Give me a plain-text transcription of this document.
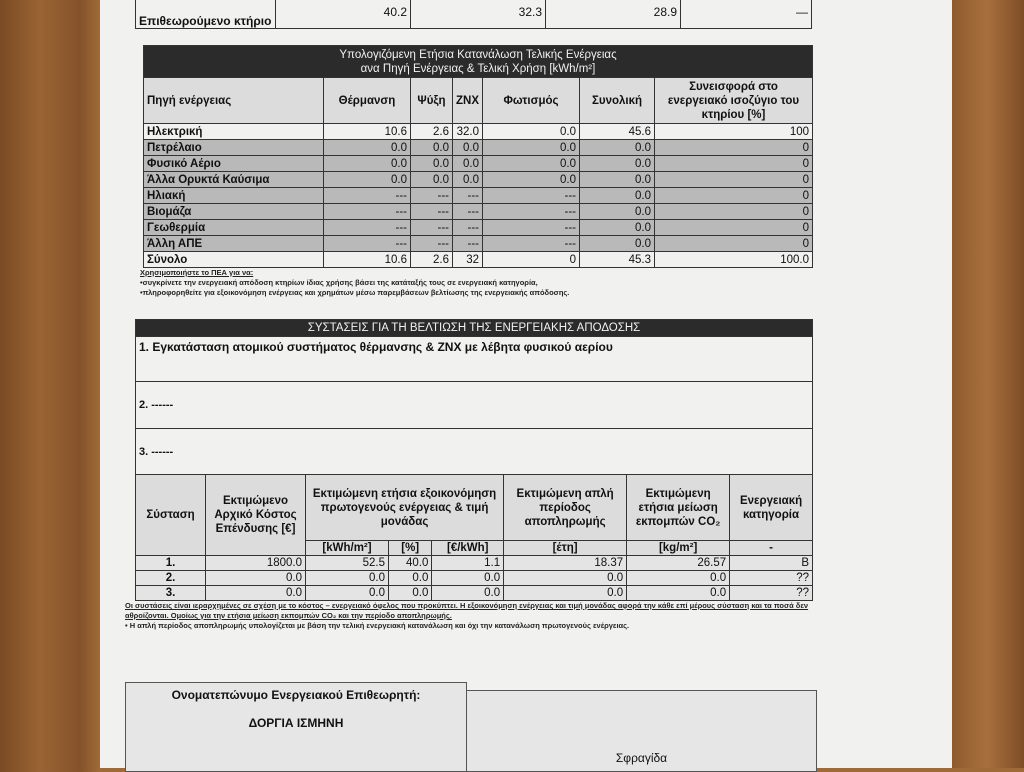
Επιθεωρούμενο κτήριο	40.2	32.3	28.9	—
Υπολογιζόμενη Ετήσια Κατανάλωση Τελικής Ενέργειας
ανα Πηγή Ενέργειας & Τελική Χρήση [kWh/m²]						

Πηγή ενέργειας	Θέρμανση	Ψύξη	ΖΝΧ	Φωτισμός	Συνολική	Συνεισφορά στο ενεργειακό ισοζύγιο του κτηρίου [%]
Ηλεκτρική	10.6	2.6	32.0	0.0	45.6	100
Πετρέλαιο	0.0	0.0	0.0	0.0	0.0	0
Φυσικό Αέριο	0.0	0.0	0.0	0.0	0.0	0
Άλλα Ορυκτά Καύσιμα	0.0	0.0	0.0	0.0	0.0	0
Ηλιακή	---	---	---	---	0.0	0
Βιομάζα	---	---	---	---	0.0	0
Γεωθερμία	---	---	---	---	0.0	0
Άλλη ΑΠΕ	---	---	---	---	0.0	0
Σύνολο	10.6	2.6	32	0	45.3	100.0
Χρησιμοποιήστε το ΠΕΑ για να:
•συγκρίνετε την ενεργειακή απόδοση κτηρίων ίδιας χρήσης βάσει της κατάταξής τους σε ενεργειακή κατηγορία,
•πληροφορηθείτε για εξοικονόμηση ενέργειας και χρημάτων μέσω παρεμβάσεων βελτίωσης της ενεργειακής απόδοσης.
ΣΥΣΤΑΣΕΙΣ ΓΙΑ ΤΗ ΒΕΛΤΙΩΣΗ ΤΗΣ ΕΝΕΡΓΕΙΑΚΗΣ ΑΠΟΔΟΣΗΣ							
1. Εγκατάσταση ατομικού συστήματος θέρμανσης & ΖΝΧ με λέβητα φυσικού αερίου							
2. ------							
3. ------							
Σύσταση	Εκτιμώμενο Αρχικό Κόστος Επένδυσης [€]	Εκτιμώμενη ετήσια εξοικονόμηση πρωτογενούς ενέργειας & τιμή μονάδας			Εκτιμώμενη απλή περίοδος αποπληρωμής	Εκτιμώμενη ετήσια μείωση εκπομπών CO₂	Ενεργειακή κατηγορία
		[kWh/m²]	[%]	[€/kWh]	[έτη]	[kg/m²]	-
1.	1800.0	52.5	40.0	1.1	18.37	26.57	B
2.	0.0	0.0	0.0	0.0	0.0	0.0	??
3.	0.0	0.0	0.0	0.0	0.0	0.0	??
Οι συστάσεις είναι ιεραρχημένες σε σχέση με το κόστος – ενεργειακό όφελος που προκύπτει. Η εξοικονόμηση ενέργειας και τιμή μονάδας αφορά την κάθε επί μέρους σύσταση και τα ποσά δεν αθροίζονται. Ομοίως για την ετήσια μείωση εκπομπών CO₂ και την περίοδο αποπληρωμής.
• Η απλή περίοδος αποπληρωμής υπολογίζεται με βάση την τελική ενεργειακή κατανάλωση και όχι την κατανάλωση πρωτογενούς ενέργειας.
Ονοματεπώνυμο Ενεργειακού Επιθεωρητή:
ΔΟΡΓΙΑ ΙΣΜΗΝΗ
Σφραγίδα
